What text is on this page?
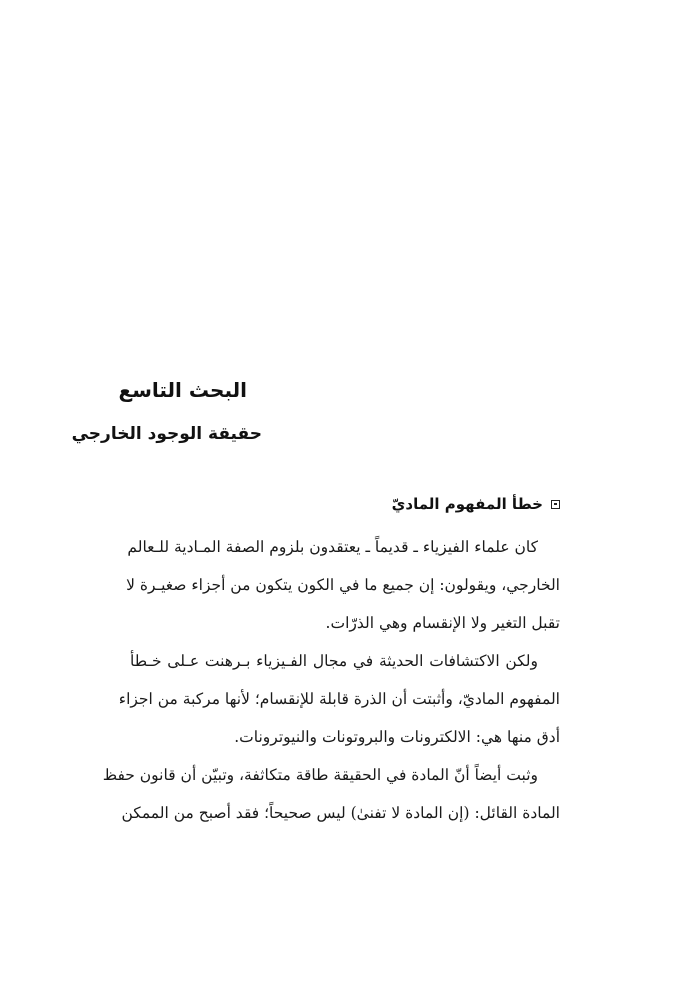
البحث التاسع
حقيقة الوجود الخارجي
خطأ المفهوم الماديّ

كان علماء الفيزياء ـ قديماً ـ يعتقدون بلزوم الصفة المـادية للـعالم
الخارجي، ويقولون: إن جميع ما في الكون يتكون من أجزاء صغيـرة لا
تقبل التغير ولا الإنقسام وهي الذرّات.

ولكن الاكتشافات الحديثة في مجال الفـيزياء بـرهنت عـلى خـطأ
المفهوم الماديّ، وأثبتت أن الذرة قابلة للإنقسام؛ لأنها مركبة من اجزاء
أدق منها هي: الالكترونات والبروتونات والنيوترونات.

وثبت أيضاً أنّ المادة في الحقيقة طاقة متكاثفة، وتبيّن أن قانون حفظ
المادة القائل: (إن المادة لا تفنىٰ) ليس صحيحاً؛ فقد أصبح من الممكن
